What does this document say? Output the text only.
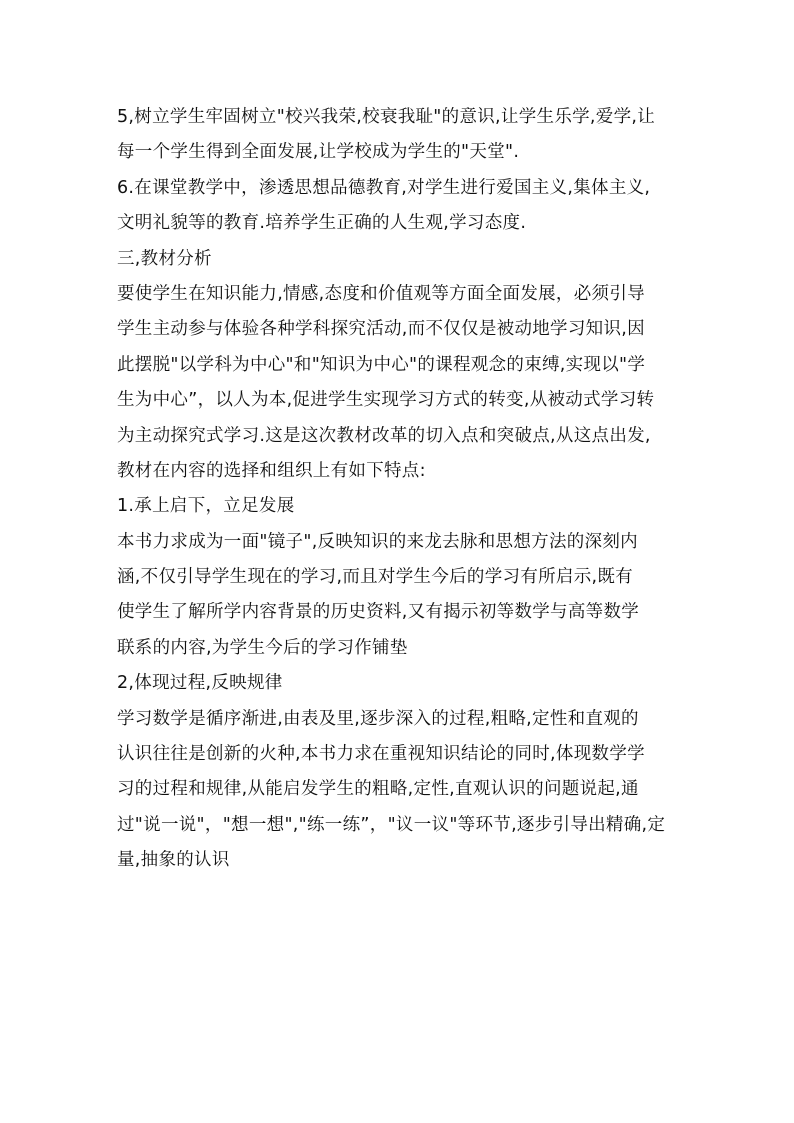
5,树立学生牢固树立"校兴我荣,校衰我耻"的意识,让学生乐学,爱学,让
每一个学生得到全面发展,让学校成为学生的"天堂".
6.在课堂教学中，渗透思想品德教育,对学生进行爱国主义,集体主义,
文明礼貌等的教育.培养学生正确的人生观,学习态度.
三,教材分析
要使学生在知识能力,情感,态度和价值观等方面全面发展，必须引导
学生主动参与体验各种学科探究活动,而不仅仅是被动地学习知识,因
此摆脱"以学科为中心"和"知识为中心"的课程观念的束缚,实现以"学
生为中心”，以人为本,促进学生实现学习方式的转变,从被动式学习转
为主动探究式学习.这是这次教材改革的切入点和突破点,从这点出发,
教材在内容的选择和组织上有如下特点:
1.承上启下，立足发展
本书力求成为一面"镜子",反映知识的来龙去脉和思想方法的深刻内
涵,不仅引导学生现在的学习,而且对学生今后的学习有所启示,既有
使学生了解所学内容背景的历史资料,又有揭示初等数学与高等数学
联系的内容,为学生今后的学习作铺垫
2,体现过程,反映规律
学习数学是循序渐进,由表及里,逐步深入的过程,粗略,定性和直观的
认识往往是创新的火种,本书力求在重视知识结论的同时,体现数学学
习的过程和规律,从能启发学生的粗略,定性,直观认识的问题说起,通
过"说一说"，"想一想","练一练”，"议一议"等环节,逐步引导出精确,定
量,抽象的认识
